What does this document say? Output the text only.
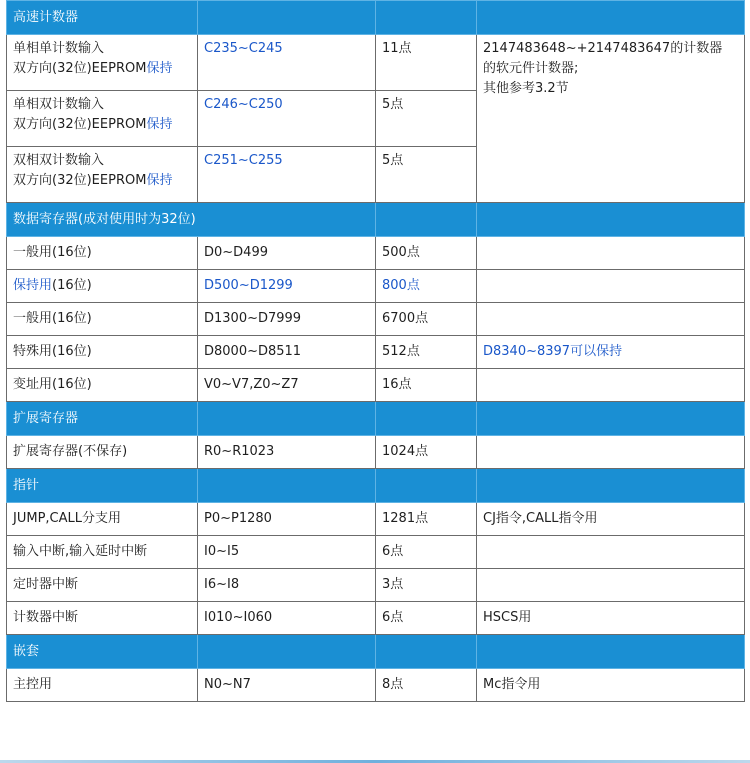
高速计数器			

单相单计数输入
双方向(32位)EEPROM保持	C235~C245	11点	2147483648~+2147483647的计数器
的软元件计数器;
其他参考3.2节

单相双计数输入
双方向(32位)EEPROM保持	C246~C250	5点	

双相双计数输入
双方向(32位)EEPROM保持	C251~C255	5点	
数据寄存器(成对使用时为32位)			
一般用(16位)	D0~D499	500点	
保持用(16位)	D500~D1299	800点	
一般用(16位)	D1300~D7999	6700点	
特殊用(16位)	D8000~D8511	512点	D8340~8397可以保持
变址用(16位)	V0~V7,Z0~Z7	16点	
扩展寄存器			
扩展寄存器(不保存)	R0~R1023	1024点	
指针			
JUMP,CALL分支用	P0~P1280	1281点	CJ指令,CALL指令用
输入中断,输入延时中断	I0~I5	6点	
定时器中断	I6~I8	3点	
计数器中断	I010~I060	6点	HSCS用
嵌套			
主控用	N0~N7	8点	Mc指令用
